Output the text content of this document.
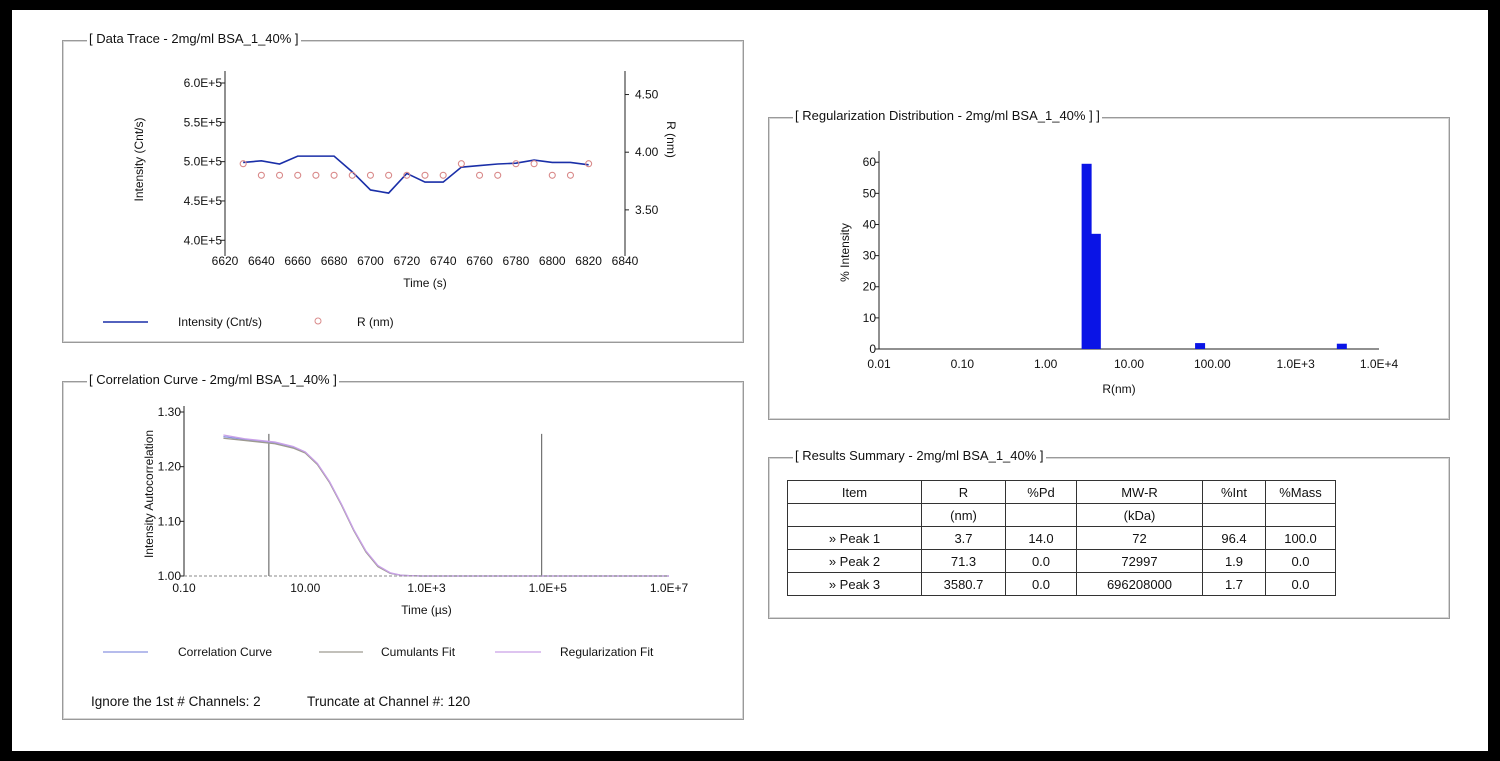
[ Data Trace - 2mg/ml BSA_1_40% ]
6.0E+5
5.5E+5
5.0E+5
4.5E+5
4.0E+5
4.50
4.00
3.50
6620 6640 6660 6680 6700 6720 6740 6760 6780 6800 6820 6840
Time (s)
Intensity (Cnt/s)	R (nm)
Intensity (Cnt/s)	R (nm)
[ Correlation Curve - 2mg/ml BSA_1_40% ]
1.30
1.20
1.10
1.00
0.10	10.00	1.0E+3	1.0E+5	1.0E+7
Time (µs)
Intensity Autocorrelation
Correlation Curve	Cumulants Fit	Regularization Fit
Ignore the 1st # Channels: 2	Truncate at Channel #: 120
[ Regularization Distribution - 2mg/ml BSA_1_40% ] ]
60
50
40
30
20
10
0
0.01	0.10	1.00	10.00	100.00	1.0E+3	1.0E+4
R(nm)
% Intensity
[ Results Summary - 2mg/ml BSA_1_40% ]
Item	R	%Pd	MW-R	%Int	%Mass
	(nm)		(kDa)		
» Peak 1	3.7	14.0	72	96.4	100.0
» Peak 2	71.3	0.0	72997	1.9	0.0
» Peak 3	3580.7	0.0	696208000	1.7	0.0
